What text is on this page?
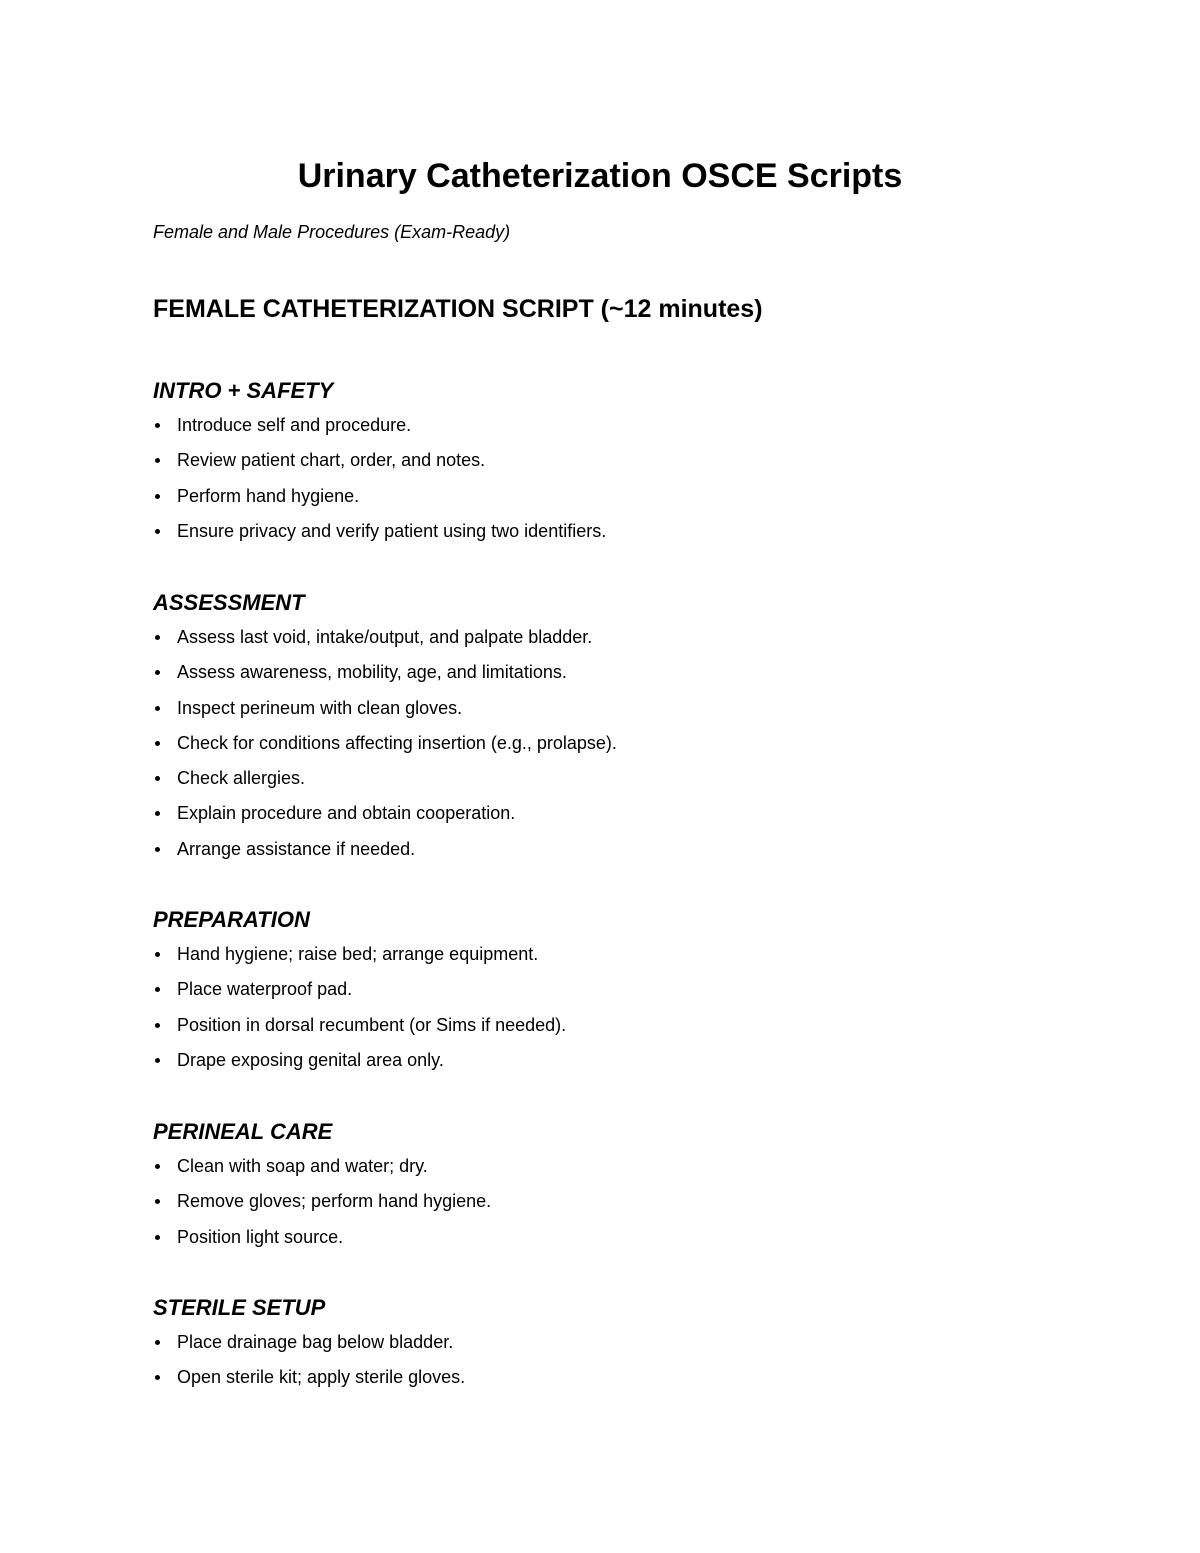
Urinary Catheterization OSCE Scripts

Female and Male Procedures (Exam-Ready)

FEMALE CATHETERIZATION SCRIPT (~12 minutes)
INTRO + SAFETY
Introduce self and procedure.
Review patient chart, order, and notes.
Perform hand hygiene.
Ensure privacy and verify patient using two identifiers.
ASSESSMENT
Assess last void, intake/output, and palpate bladder.
Assess awareness, mobility, age, and limitations.
Inspect perineum with clean gloves.
Check for conditions affecting insertion (e.g., prolapse).
Check allergies.
Explain procedure and obtain cooperation.
Arrange assistance if needed.
PREPARATION
Hand hygiene; raise bed; arrange equipment.
Place waterproof pad.
Position in dorsal recumbent (or Sims if needed).
Drape exposing genital area only.
PERINEAL CARE
Clean with soap and water; dry.
Remove gloves; perform hand hygiene.
Position light source.
STERILE SETUP
Place drainage bag below bladder.
Open sterile kit; apply sterile gloves.
